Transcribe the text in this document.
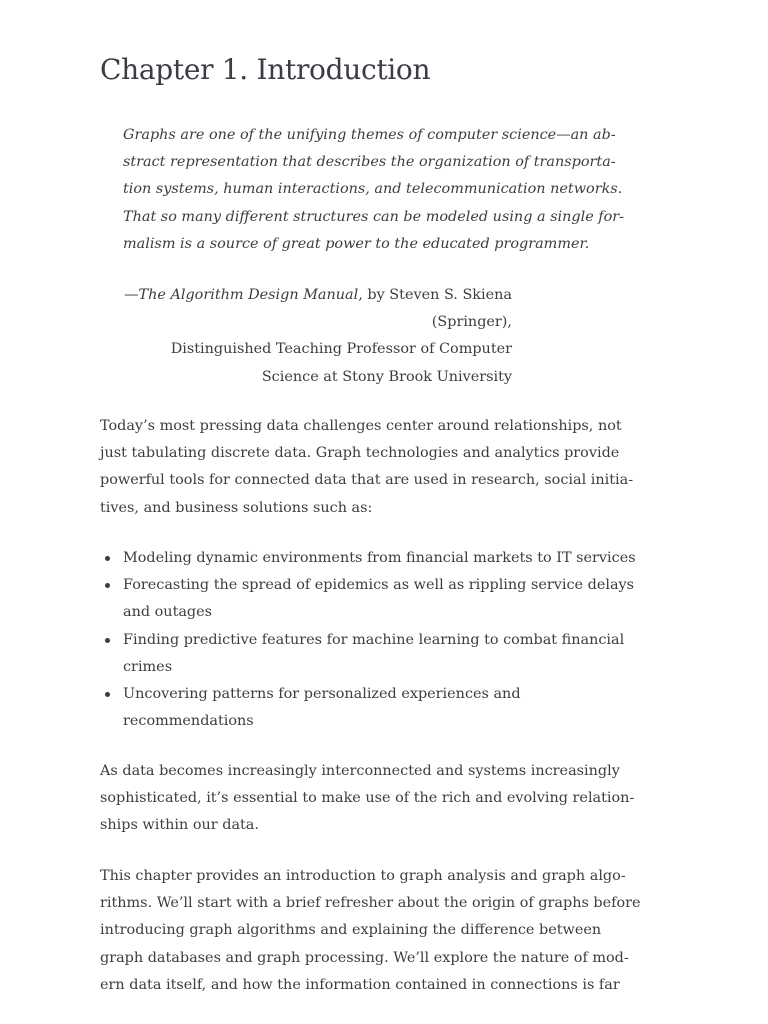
Chapter 1. Introduction
Graphs are one of the unifying themes of computer science—an ab-
stract representation that describes the organization of transporta-
tion systems, human interactions, and telecommunication networks.
That so many different structures can be modeled using a single for-
malism is a source of great power to the educated programmer.
—The Algorithm Design Manual, by Steven S. Skiena
(Springer),
Distinguished Teaching Professor of Computer
Science at Stony Brook University

Today’s most pressing data challenges center around relationships, not
just tabulating discrete data. Graph technologies and analytics provide
powerful tools for connected data that are used in research, social initia-
tives, and business solutions such as:

Modeling dynamic environments from financial markets to IT services
Forecasting the spread of epidemics as well as rippling service delays
and outages
Finding predictive features for machine learning to combat financial
crimes
Uncovering patterns for personalized experiences and
recommendations

As data becomes increasingly interconnected and systems increasingly
sophisticated, it’s essential to make use of the rich and evolving relation-
ships within our data.

This chapter provides an introduction to graph analysis and graph algo-
rithms. We’ll start with a brief refresher about the origin of graphs before
introducing graph algorithms and explaining the difference between
graph databases and graph processing. We’ll explore the nature of mod-
ern data itself, and how the information contained in connections is far
